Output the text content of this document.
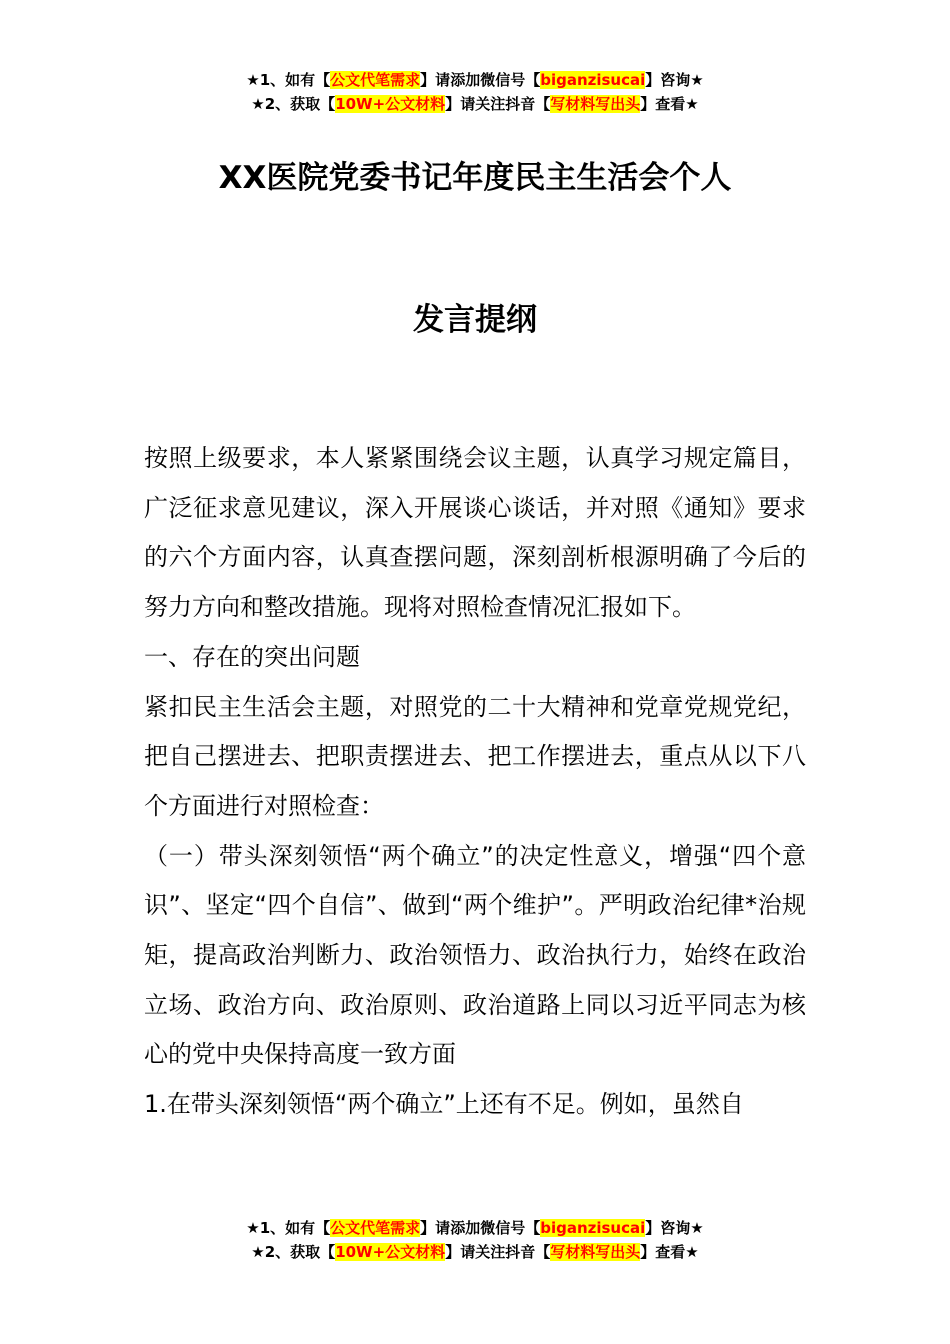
★1、如有【公文代笔需求】请添加微信号【biganzisucai】咨询★
★2、获取【10W+公文材料】请关注抖音【写材料写出头】查看★
XX医院党委书记年度民主生活会个人
发言提纲

按照上级要求，本人紧紧围绕会议主题，认真学习规定篇目，广泛征求意见建议，深入开展谈心谈话，并对照《通知》要求的六个方面内容，认真查摆问题，深刻剖析根源明确了今后的努力方向和整改措施。现将对照检查情况汇报如下。

一、存在的突出问题

紧扣民主生活会主题，对照党的二十大精神和党章党规党纪，把自己摆进去、把职责摆进去、把工作摆进去，重点从以下八个方面进行对照检查：

（一）带头深刻领悟“两个确立”的决定性意义，增强“四个意识”、坚定“四个自信”、做到“两个维护”。严明政治纪律*治规矩，提高政治判断力、政治领悟力、政治执行力，始终在政治立场、政治方向、政治原则、政治道路上同以习近平同志为核心的党中央保持高度一致方面

1.在带头深刻领悟“两个确立”上还有不足。例如，虽然自

★1、如有【公文代笔需求】请添加微信号【biganzisucai】咨询★
★2、获取【10W+公文材料】请关注抖音【写材料写出头】查看★
